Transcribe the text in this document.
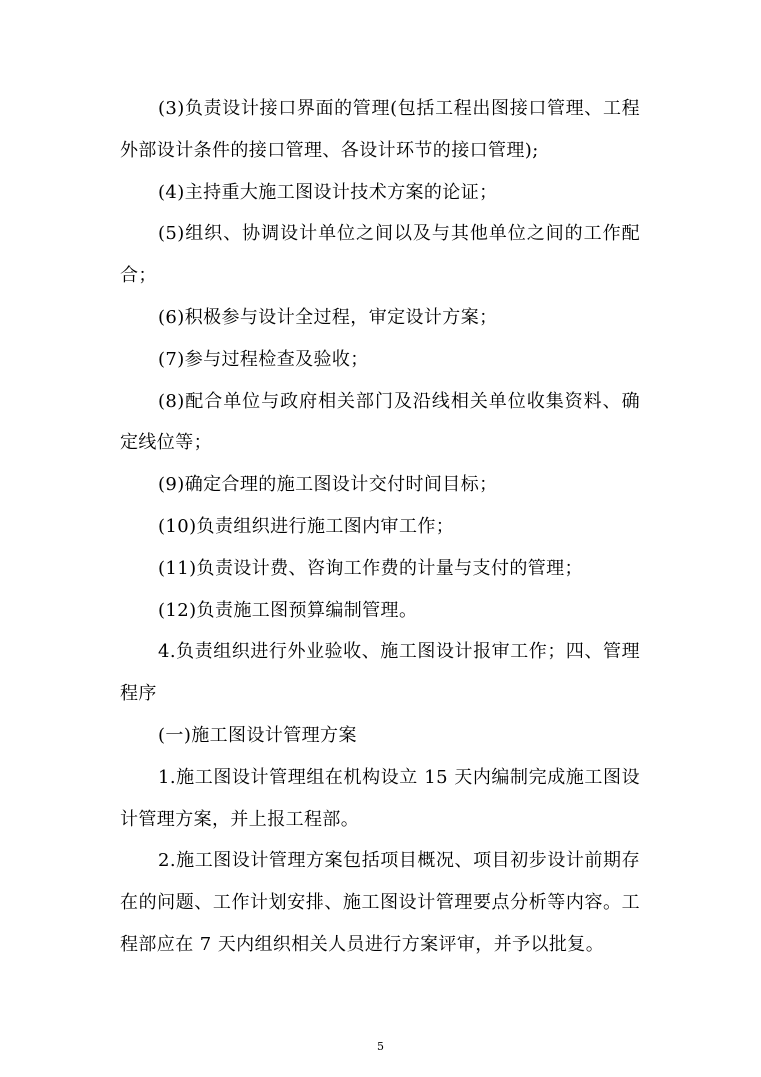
(3)负责设计接口界面的管理(包括工程出图接口管理、工程外部设计条件的接口管理、各设计环节的接口管理);

(4)主持重大施工图设计技术方案的论证；

(5)组织、协调设计单位之间以及与其他单位之间的工作配合；

(6)积极参与设计全过程，审定设计方案；

(7)参与过程检查及验收；

(8)配合单位与政府相关部门及沿线相关单位收集资料、确定线位等；

(9)确定合理的施工图设计交付时间目标；

(10)负责组织进行施工图内审工作；

(11)负责设计费、咨询工作费的计量与支付的管理；

(12)负责施工图预算编制管理。

4.负责组织进行外业验收、施工图设计报审工作；四、管理程序

(一)施工图设计管理方案

1.施工图设计管理组在机构设立 15 天内编制完成施工图设计管理方案，并上报工程部。

2.施工图设计管理方案包括项目概况、项目初步设计前期存在的问题、工作计划安排、施工图设计管理要点分析等内容。工程部应在 7 天内组织相关人员进行方案评审，并予以批复。

5
